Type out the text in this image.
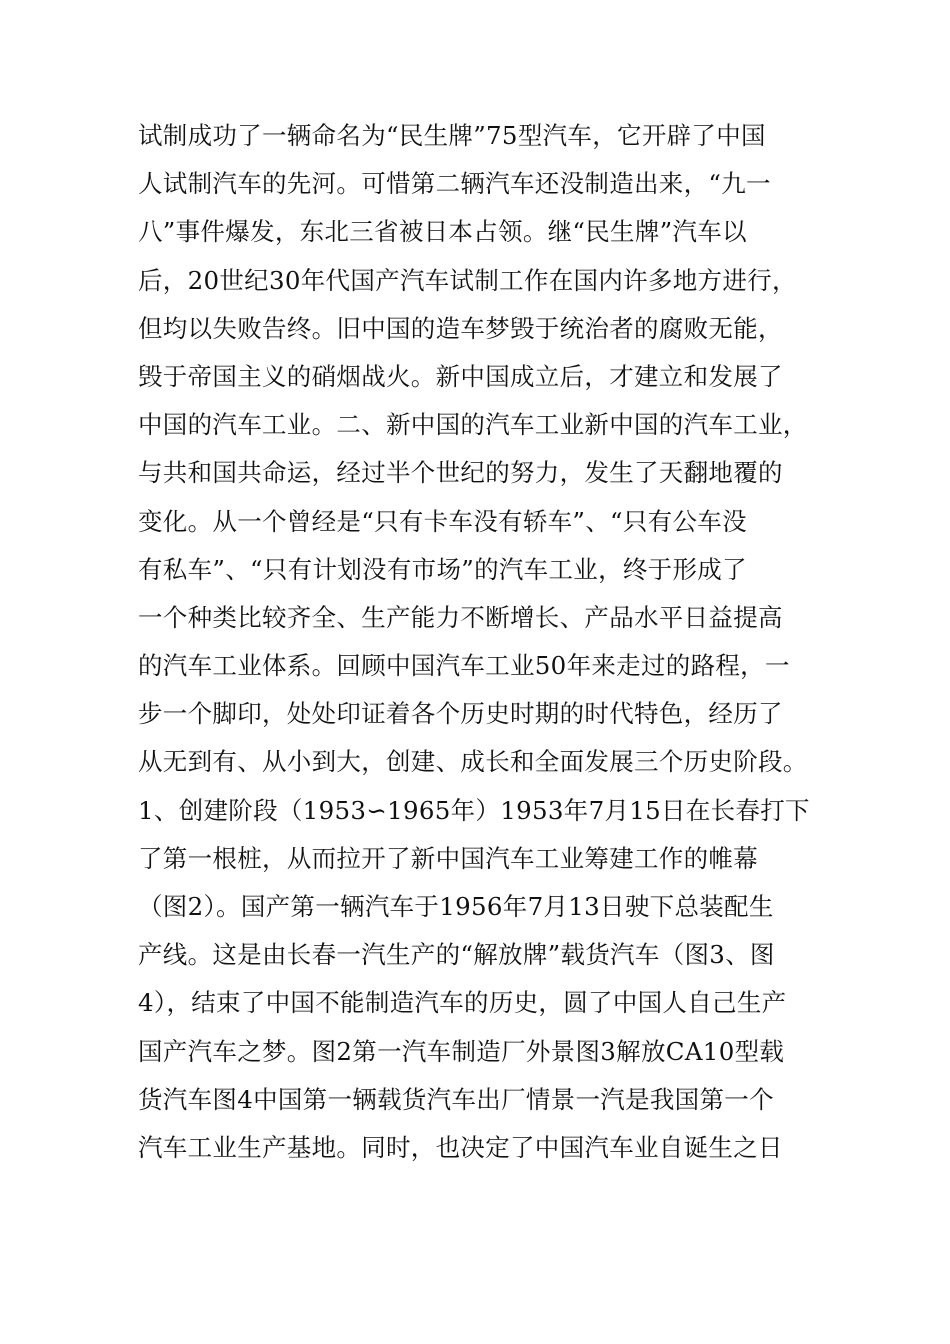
试制成功了一辆命名为“民生牌”75型汽车，它开辟了中国
人试制汽车的先河。可惜第二辆汽车还没制造出来，“九一
八”事件爆发，东北三省被日本占领。继“民生牌”汽车以
后，20世纪30年代国产汽车试制工作在国内许多地方进行，
但均以失败告终。旧中国的造车梦毁于统治者的腐败无能，
毁于帝国主义的硝烟战火。新中国成立后，才建立和发展了
中国的汽车工业。二、新中国的汽车工业新中国的汽车工业，
与共和国共命运，经过半个世纪的努力，发生了天翻地覆的
变化。从一个曾经是“只有卡车没有轿车”、“只有公车没
有私车”、“只有计划没有市场”的汽车工业，终于形成了
一个种类比较齐全、生产能力不断增长、产品水平日益提高
的汽车工业体系。回顾中国汽车工业50年来走过的路程，一
步一个脚印，处处印证着各个历史时期的时代特色，经历了
从无到有、从小到大，创建、成长和全面发展三个历史阶段。
1、创建阶段（1953∽1965年）1953年7月15日在长春打下
了第一根桩，从而拉开了新中国汽车工业筹建工作的帷幕
（图2）。国产第一辆汽车于1956年7月13日驶下总装配生
产线。这是由长春一汽生产的“解放牌”载货汽车（图3、图
4），结束了中国不能制造汽车的历史，圆了中国人自己生产
国产汽车之梦。图2第一汽车制造厂外景图3解放CA10型载
货汽车图4中国第一辆载货汽车出厂情景一汽是我国第一个
汽车工业生产基地。同时，也决定了中国汽车业自诞生之日
